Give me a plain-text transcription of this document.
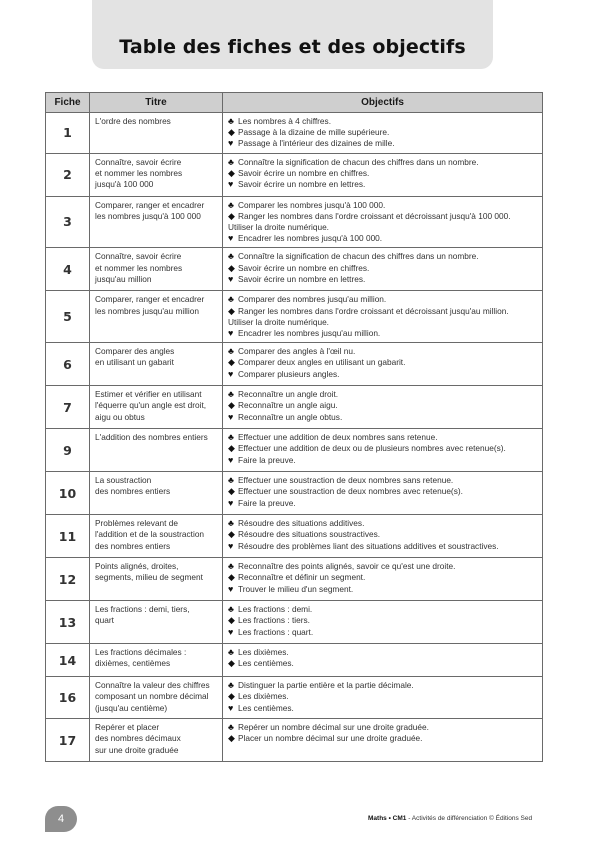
Table des fiches et des objectifs
Fiche	Titre	Objectifs
1	L'ordre des nombres	♣ Les nombres à 4 chiffres.
◆ Passage à la dizaine de mille supérieure.
♥ Passage à l'intérieur des dizaines de mille.

2	Connaître, savoir écrire
et nommer les nombres
jusqu'à 100 000	♣ Connaître la signification de chacun des chiffres dans un nombre.
◆ Savoir écrire un nombre en chiffres.
♥ Savoir écrire un nombre en lettres.

3	Comparer, ranger et encadrer
les nombres jusqu'à 100 000	♣ Comparer les nombres jusqu'à 100 000.
◆ Ranger les nombres dans l'ordre croissant et décroissant jusqu'à 100 000.
Utiliser la droite numérique.
♥ Encadrer les nombres jusqu'à 100 000.

4	Connaître, savoir écrire
et nommer les nombres
jusqu'au million	♣ Connaître la signification de chacun des chiffres dans un nombre.
◆ Savoir écrire un nombre en chiffres.
♥ Savoir écrire un nombre en lettres.

5	Comparer, ranger et encadrer
les nombres jusqu'au million	♣ Comparer des nombres jusqu'au million.
◆ Ranger les nombres dans l'ordre croissant et décroissant jusqu'au million.
Utiliser la droite numérique.
♥ Encadrer les nombres jusqu'au million.

6	Comparer des angles
en utilisant un gabarit	♣ Comparer des angles à l'œil nu.
◆ Comparer deux angles en utilisant un gabarit.
♥ Comparer plusieurs angles.

7	Estimer et vérifier en utilisant
l'équerre qu'un angle est droit,
aigu ou obtus	♣ Reconnaître un angle droit.
◆ Reconnaître un angle aigu.
♥ Reconnaître un angle obtus.

9	L'addition des nombres entiers	♣ Effectuer une addition de deux nombres sans retenue.
◆ Effectuer une addition de deux ou de plusieurs nombres avec retenue(s).
♥ Faire la preuve.

10	La soustraction
des nombres entiers	♣ Effectuer une soustraction de deux nombres sans retenue.
◆ Effectuer une soustraction de deux nombres avec retenue(s).
♥ Faire la preuve.

11	Problèmes relevant de
l'addition et de la soustraction
des nombres entiers	♣ Résoudre des situations additives.
◆ Résoudre des situations soustractives.
♥ Résoudre des problèmes liant des situations additives et soustractives.

12	Points alignés, droites,
segments, milieu de segment	♣ Reconnaître des points alignés, savoir ce qu'est une droite.
◆ Reconnaître et définir un segment.
♥ Trouver le milieu d'un segment.

13	Les fractions : demi, tiers,
quart	♣ Les fractions : demi.
◆ Les fractions : tiers.
♥ Les fractions : quart.

14	Les fractions décimales :
dixièmes, centièmes	♣ Les dixièmes.
◆ Les centièmes.

16	Connaître la valeur des chiffres
composant un nombre décimal
(jusqu'au centième)	♣ Distinguer la partie entière et la partie décimale.
◆ Les dixièmes.
♥ Les centièmes.

17	Repérer et placer
des nombres décimaux
sur une droite graduée	♣ Repérer un nombre décimal sur une droite graduée.
◆ Placer un nombre décimal sur une droite graduée.
4	Maths • CM1 - Activités de différenciation © Éditions Sed
